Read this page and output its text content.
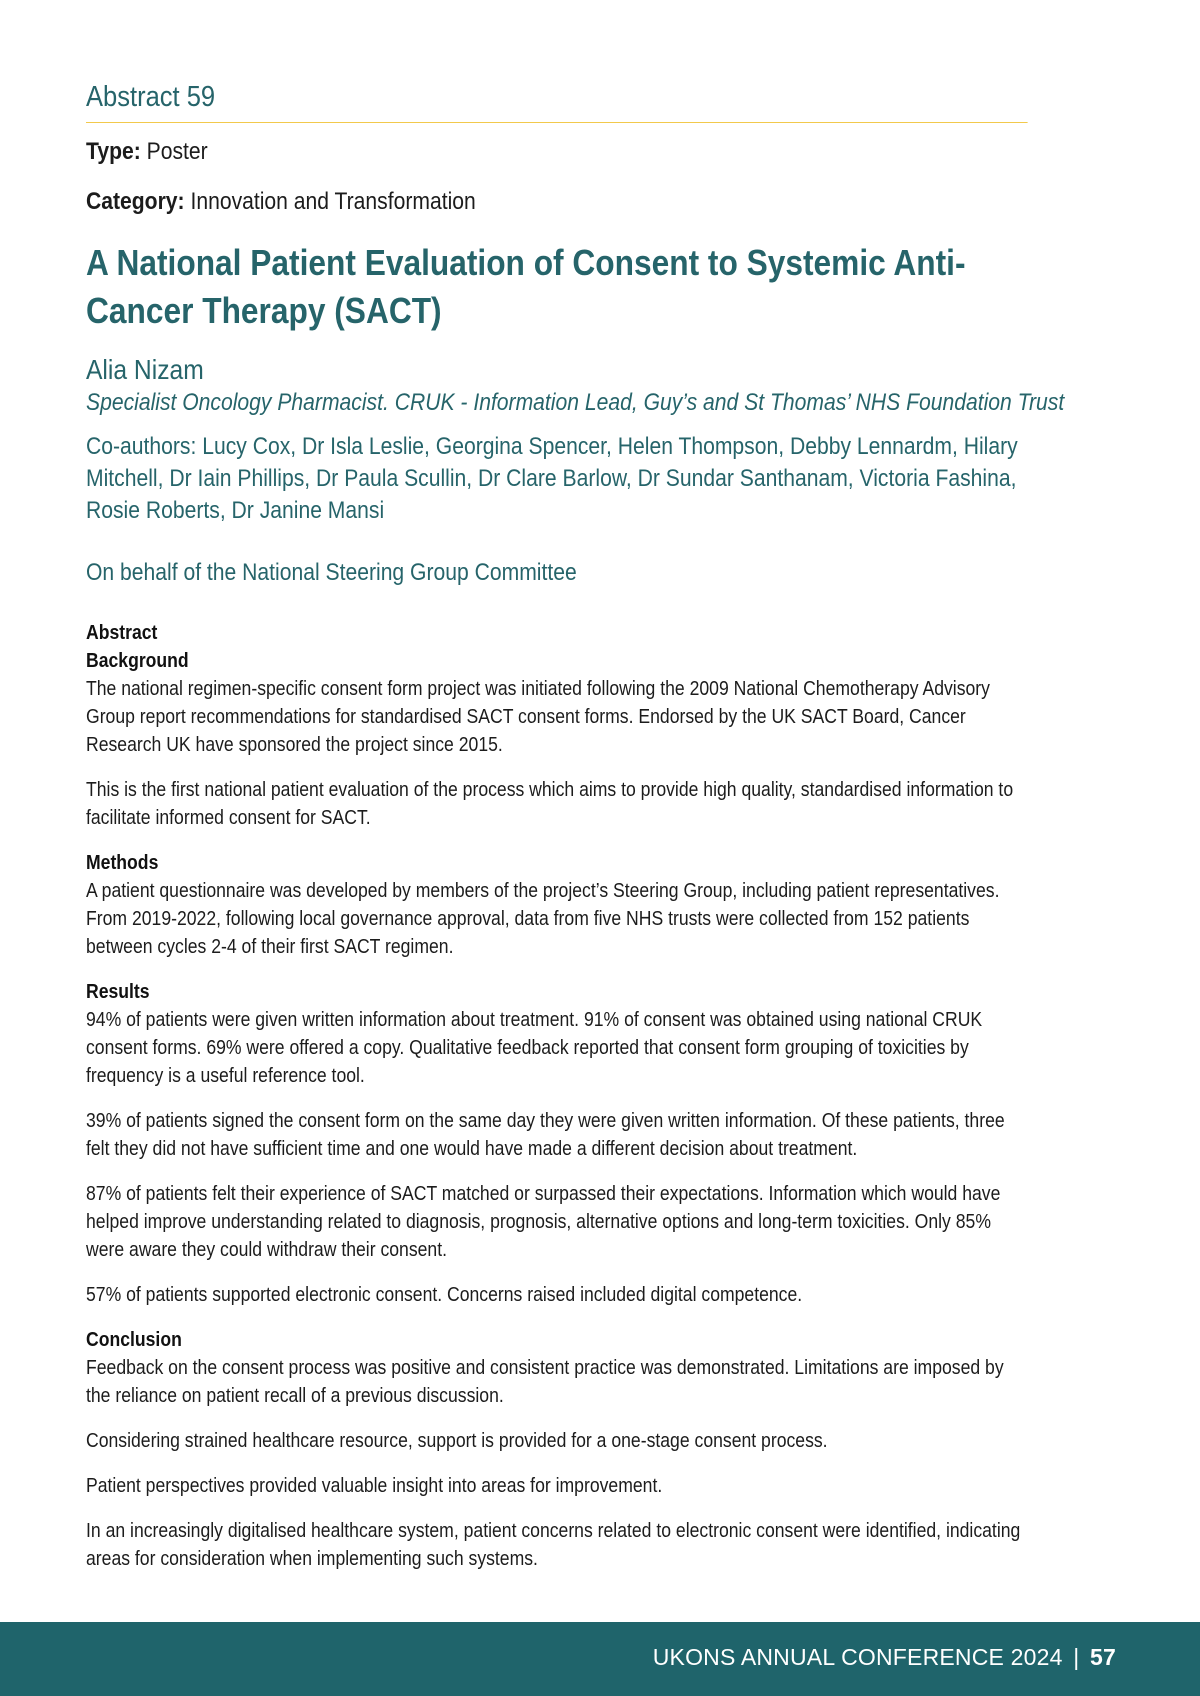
Abstract 59
Type: Poster
Category: Innovation and Transformation
A National Patient Evaluation of Consent to Systemic Anti-Cancer Therapy (SACT)
Alia Nizam
Specialist Oncology Pharmacist. CRUK - Information Lead, Guy’s and St Thomas’ NHS Foundation Trust
Co-authors: Lucy Cox, Dr Isla Leslie, Georgina Spencer, Helen Thompson, Debby Lennardm, Hilary Mitchell, Dr Iain Phillips, Dr Paula Scullin, Dr Clare Barlow, Dr Sundar Santhanam, Victoria Fashina, Rosie Roberts, Dr Janine Mansi
On behalf of the National Steering Group Committee
Abstract
Background

The national regimen-specific consent form project was initiated following the 2009 National Chemotherapy Advisory Group report recommendations for standardised SACT consent forms. Endorsed by the UK SACT Board, Cancer Research UK have sponsored the project since 2015.

This is the first national patient evaluation of the process which aims to provide high quality, standardised information to facilitate informed consent for SACT.

Methods

A patient questionnaire was developed by members of the project’s Steering Group, including patient representatives. From 2019-2022, following local governance approval, data from five NHS trusts were collected from 152 patients between cycles 2-4 of their first SACT regimen.

Results

94% of patients were given written information about treatment. 91% of consent was obtained using national CRUK consent forms. 69% were offered a copy. Qualitative feedback reported that consent form grouping of toxicities by frequency is a useful reference tool.

39% of patients signed the consent form on the same day they were given written information. Of these patients, three felt they did not have sufficient time and one would have made a different decision about treatment.

87% of patients felt their experience of SACT matched or surpassed their expectations. Information which would have helped improve understanding related to diagnosis, prognosis, alternative options and long-term toxicities. Only 85% were aware they could withdraw their consent.

57% of patients supported electronic consent. Concerns raised included digital competence.

Conclusion

Feedback on the consent process was positive and consistent practice was demonstrated. Limitations are imposed by the reliance on patient recall of a previous discussion.

Considering strained healthcare resource, support is provided for a one-stage consent process.

Patient perspectives provided valuable insight into areas for improvement.

In an increasingly digitalised healthcare system, patient concerns related to electronic consent were identified, indicating areas for consideration when implementing such systems.

UKONS ANNUAL CONFERENCE 2024 | 57
